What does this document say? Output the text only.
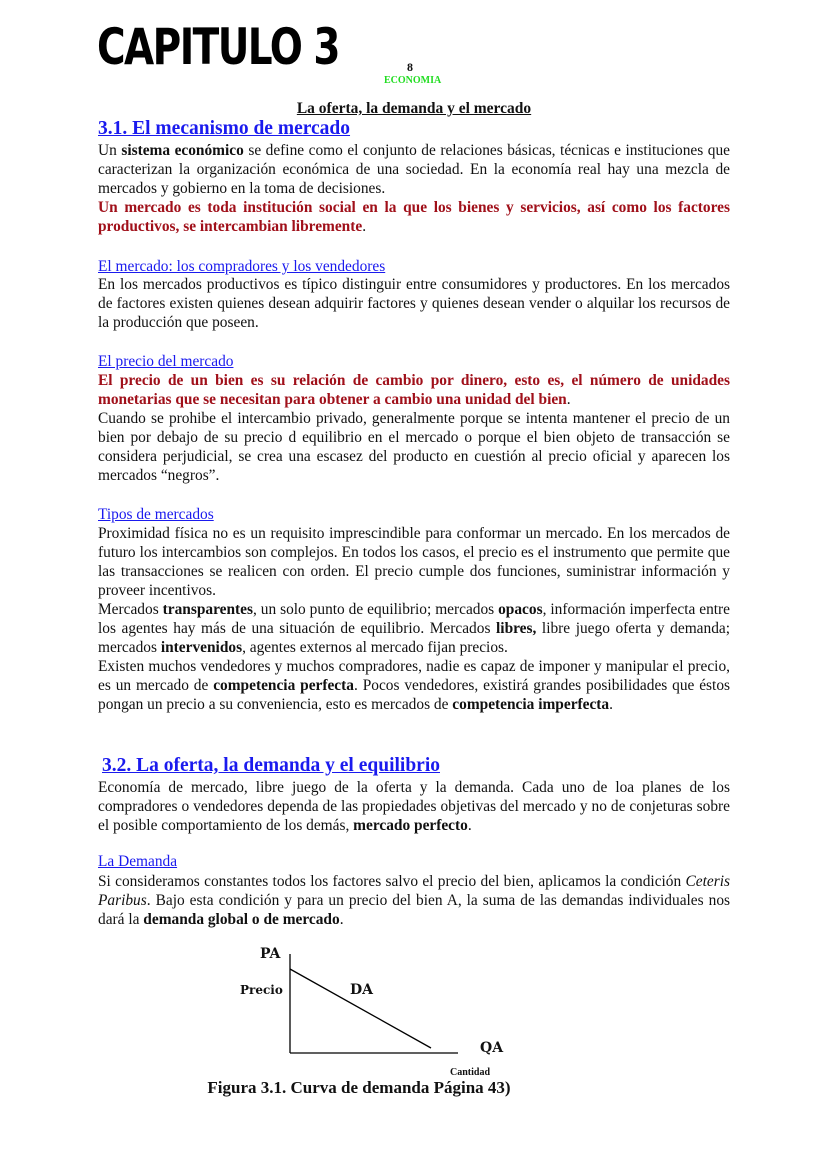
CAPITULO 3	8
ECONOMIA
La oferta, la demanda y el mercado
3.1. El mecanismo de mercado
Un sistema económico se define como el conjunto de relaciones básicas, técnicas e instituciones que caracterizan la organización económica de una sociedad. En la economía real hay una mezcla de mercados y gobierno en la toma de decisiones.
Un mercado es toda institución social en la que los bienes y servicios, así como los factores productivos, se intercambian libremente.
El mercado: los compradores y los vendedores
En los mercados productivos es típico distinguir entre consumidores y productores. En los mercados de factores existen quienes desean adquirir factores y quienes desean vender o alquilar los recursos de la producción que poseen.
El precio del mercado
El precio de un bien es su relación de cambio por dinero, esto es, el número de unidades monetarias que se necesitan para obtener a cambio una unidad del bien.
Cuando se prohibe el intercambio privado, generalmente porque se intenta mantener el precio de un bien por debajo de su precio d equilibrio en el mercado o porque el bien objeto de transacción se considera perjudicial, se crea una escasez del producto en cuestión al precio oficial y aparecen los mercados “negros”.
Tipos de mercados
Proximidad física no es un requisito imprescindible para conformar un mercado. En los mercados de futuro los intercambios son complejos. En todos los casos, el precio es el instrumento que permite que las transacciones se realicen con orden. El precio cumple dos funciones, suministrar información y proveer incentivos.
Mercados transparentes, un solo punto de equilibrio; mercados opacos, información imperfecta entre los agentes hay más de una situación de equilibrio. Mercados libres, libre juego oferta y demanda; mercados intervenidos, agentes externos al mercado fijan precios.
Existen muchos vendedores y muchos compradores, nadie es capaz de imponer y manipular el precio, es un mercado de competencia perfecta. Pocos vendedores, existirá grandes posibilidades que éstos pongan un precio a su conveniencia, esto es mercados de competencia imperfecta.
3.2. La oferta, la demanda y el equilibrio
Economía de mercado, libre juego de la oferta y la demanda. Cada uno de loa planes de los compradores o vendedores dependa de las propiedades objetivas del mercado y no de conjeturas sobre el posible comportamiento de los demás, mercado perfecto.
La Demanda
Si consideramos constantes todos los factores salvo el precio del bien, aplicamos la condición Ceteris Paribus. Bajo esta condición y para un precio del bien A, la suma de las demandas individuales nos dará la demanda global o de mercado.
PA
Precio	DA
QA
Cantidad
Figura 3.1. Curva de demanda Página 43)
